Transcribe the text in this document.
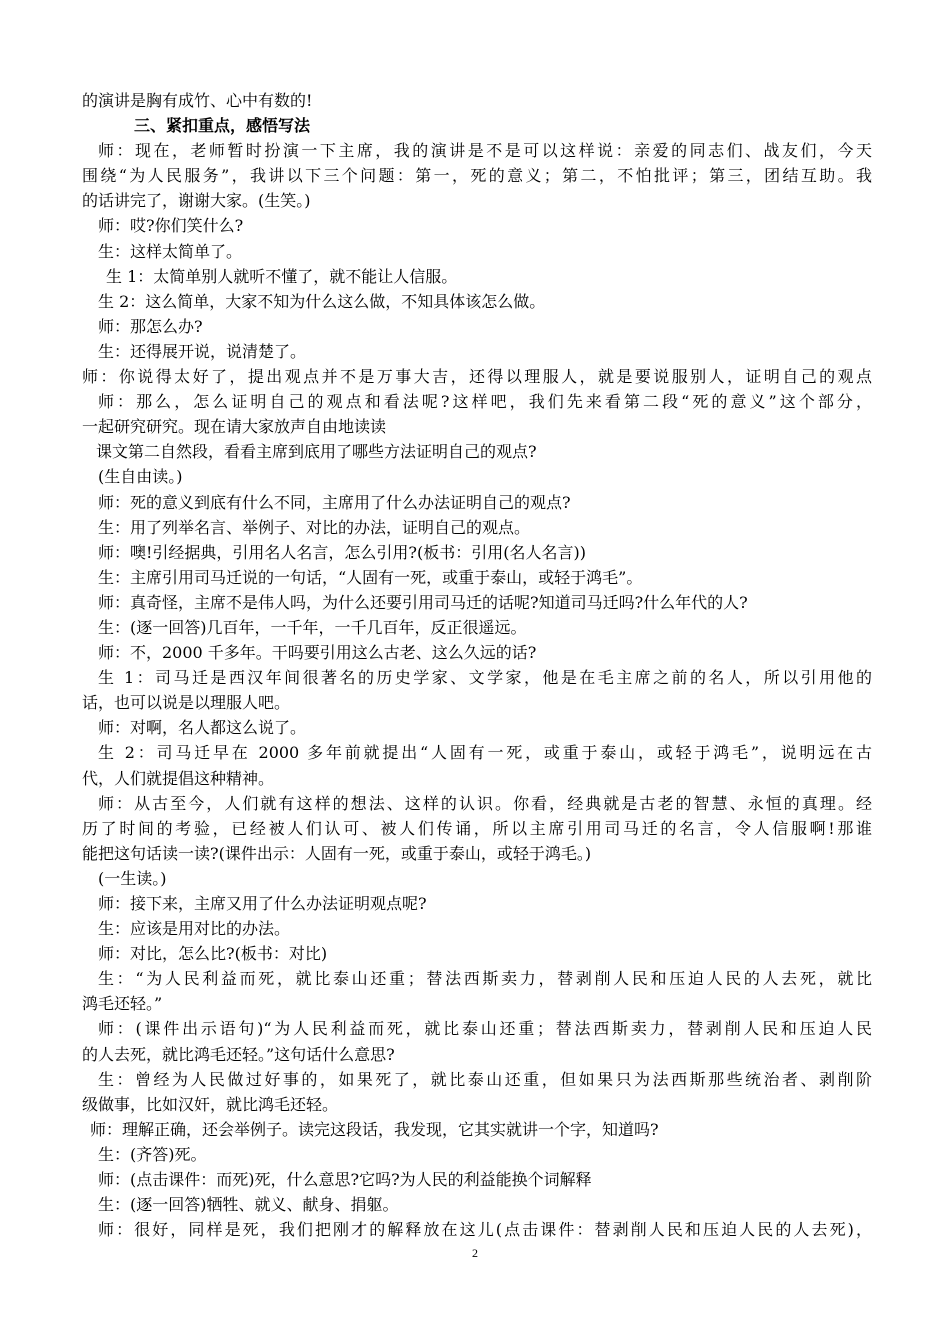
的演讲是胸有成竹、心中有数的!
三、紧扣重点，感悟写法
师：现在，老师暂时扮演一下主席，我的演讲是不是可以这样说：亲爱的同志们、战友们，今天
围绕“为人民服务”，我讲以下三个问题：第一，死的意义；第二，不怕批评；第三，团结互助。我
的话讲完了，谢谢大家。(生笑。)
师：哎?你们笑什么?
生：这样太简单了。
生 1：太简单别人就听不懂了，就不能让人信服。
生 2：这么简单，大家不知为什么这么做，不知具体该怎么做。
师：那怎么办?
生：还得展开说，说清楚了。
师：你说得太好了，提出观点并不是万事大吉，还得以理服人，就是要说服别人，证明自己的观点
师：那么，怎么证明自己的观点和看法呢?这样吧，我们先来看第二段“死的意义”这个部分，
一起研究研究。现在请大家放声自由地读读
课文第二自然段，看看主席到底用了哪些方法证明自己的观点?
(生自由读。)
师：死的意义到底有什么不同，主席用了什么办法证明自己的观点?
生：用了列举名言、举例子、对比的办法，证明自己的观点。
师：噢!引经据典，引用名人名言，怎么引用?(板书：引用(名人名言))
生：主席引用司马迁说的一句话，“人固有一死，或重于泰山，或轻于鸿毛”。
师：真奇怪，主席不是伟人吗，为什么还要引用司马迁的话呢?知道司马迁吗?什么年代的人?
生：(逐一回答)几百年，一千年，一千几百年，反正很遥远。
师：不，2000 千多年。干吗要引用这么古老、这么久远的话?
生 1：司马迁是西汉年间很著名的历史学家、文学家，他是在毛主席之前的名人，所以引用他的
话，也可以说是以理服人吧。
师：对啊，名人都这么说了。
生 2：司马迁早在 2000 多年前就提出“人固有一死，或重于泰山，或轻于鸿毛”，说明远在古
代，人们就提倡这种精神。
师：从古至今，人们就有这样的想法、这样的认识。你看，经典就是古老的智慧、永恒的真理。经
历了时间的考验，已经被人们认可、被人们传诵，所以主席引用司马迁的名言，令人信服啊!那谁
能把这句话读一读?(课件出示：人固有一死，或重于泰山，或轻于鸿毛。)
(一生读。)
师：接下来，主席又用了什么办法证明观点呢?
生：应该是用对比的办法。
师：对比，怎么比?(板书：对比)
生：“为人民利益而死，就比泰山还重；替法西斯卖力，替剥削人民和压迫人民的人去死，就比
鸿毛还轻。”
师：(课件出示语句)“为人民利益而死，就比泰山还重；替法西斯卖力，替剥削人民和压迫人民
的人去死，就比鸿毛还轻。”这句话什么意思?
生：曾经为人民做过好事的，如果死了，就比泰山还重，但如果只为法西斯那些统治者、剥削阶
级做事，比如汉奸，就比鸿毛还轻。
师：理解正确，还会举例子。读完这段话，我发现，它其实就讲一个字，知道吗?
生：(齐答)死。
师：(点击课件：而死)死，什么意思?它吗?为人民的利益能换个词解释
生：(逐一回答)牺牲、就义、献身、捐躯。
师：很好，同样是死，我们把刚才的解释放在这儿(点击课件：替剥削人民和压迫人民的人去死)，
2
